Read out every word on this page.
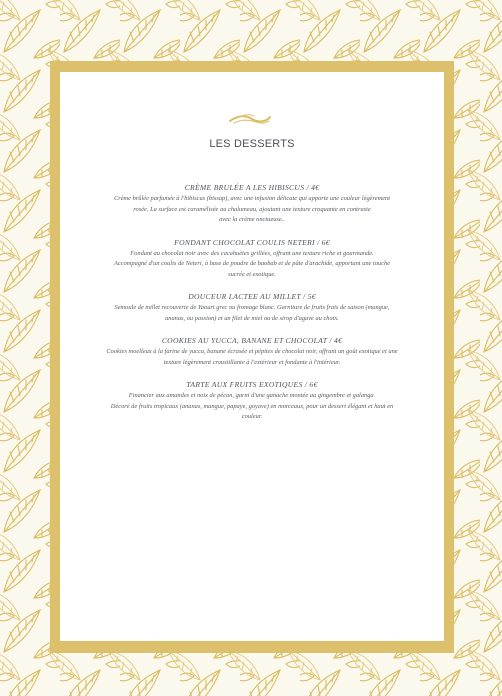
LES DESSERTS
CRÈME BRULÉE A LES HIBISCUS / 4€
Crème brûlée parfumée à l'hibiscus (bissap), avec une infusion délicate qui apporte une couleur légèrement
rosée. La surface est caramélisée au chalumeau, ajoutant une texture croquante en contraste
avec la crème onctueuse..
FONDANT CHOCOLAT COULIS NETERI / 6€
Fondant au chocolat noir avec des cacahuètes grillées, offrant une texture riche et gourmande.
Accompagné d'un coulis de Neteri, à base de poudre de baobab et de pâte d'arachide, apportant une touche
sucrée et exotique.
DOUCEUR LACTEE AU MILLET / 5€
Semoule de millet recouverte de Yaourt grec ou fromage blanc. Garniture de fruits frais de saison (mangue,
ananas, ou passion) et un filet de miel ou de sirop d'agave au choix.
COOKIES AU YUCCA, BANANE ET CHOCOLAT / 4€
Cookies moelleux à la farine de yucca, banane écrasée et pépites de chocolat noir, offrant un goût exotique et une
texture légèrement croustillante à l'extérieur et fondante à l'intérieur.
TARTE AUX FRUITS EXOTIQUES / 6€
Financier aux amandes et noix de pécan, garni d'une ganache montée au gingembre et galanga.
Décoré de fruits tropicaux (ananas, mangue, papaye, goyave) en morceaux, pour un dessert élégant et haut en
couleur.
